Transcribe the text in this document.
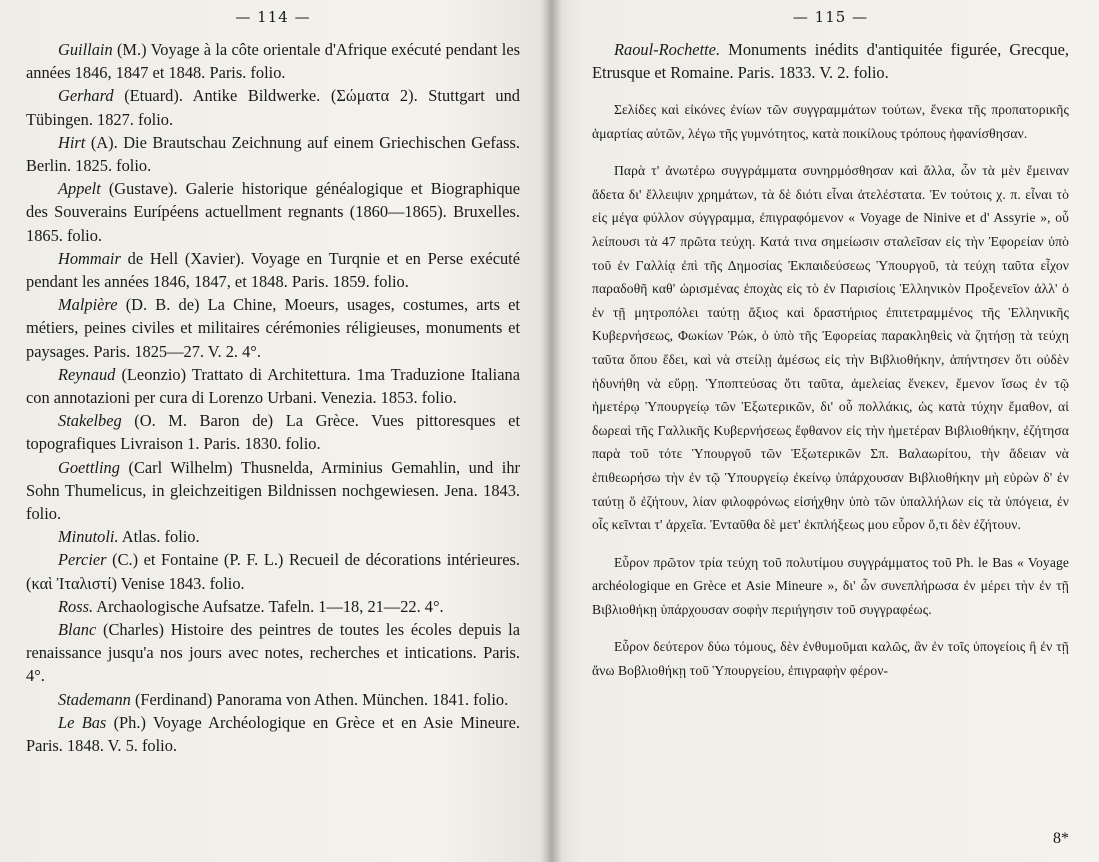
— 114 —

Guillain (M.) Voyage à la côte orientale d'Afrique exécuté pendant les années 1846, 1847 et 1848. Paris. folio.

Gerhard (Etuard). Antike Bildwerke. (Σώματα 2). Stuttgart und Tübingen. 1827. folio.

Hirt (A). Die Brautschau Zeichnung auf einem Griechischen Gefass. Berlin. 1825. folio.

Appelt (Gustave). Galerie historique généalogique et Biographique des Souverains Eurípéens actuellment regnants (1860—1865). Bruxelles. 1865. folio.

Hommair de Hell (Xavier). Voyage en Turqnie et en Perse exécuté pendant les années 1846, 1847, et 1848. Paris. 1859. folio.

Malpière (D. B. de) La Chine, Moeurs, usages, costumes, arts et métiers, peines civiles et militaires cérémonies réligieuses, monuments et paysages. Paris. 1825—27. V. 2. 4°.

Reynaud (Leonzio) Trattato di Architettura. 1ma Traduzione Italiana con annotazioni per cura di Lorenzo Urbani. Venezia. 1853. folio.

Stakelbeg (O. M. Baron de) La Grèce. Vues pittoresques et topografiques Livraison 1. Paris. 1830. folio.

Goettling (Carl Wilhelm) Thusnelda, Arminius Gemahlin, und ihr Sohn Thumelicus, in gleichzeitigen Bildnissen nochgewiesen. Jena. 1843. folio.

Minutoli. Atlas. folio.

Percier (C.) et Fontaine (P. F. L.) Recueil de décorations intérieures. (καὶ Ἰταλιστί) Venise 1843. folio.

Ross. Archaologische Aufsatze. Tafeln. 1—18, 21—22. 4°.

Blanc (Charles) Histoire des peintres de toutes les écoles depuis la renaissance jusqu'a nos jours avec notes, recherches et intications. Paris. 4°.

Stademann (Ferdinand) Panorama von Athen. München. 1841. folio.

Le Bas (Ph.) Voyage Archéologique en Grèce et en Asie Mineure. Paris. 1848. V. 5. folio.

— 115 —

Raoul-Rochette. Monuments inédits d'antiquitée figurée, Grecque, Etrusque et Romaine. Paris. 1833. V. 2. folio.

Σελίδες καὶ εἰκόνες ἐνίων τῶν συγγραμμάτων τούτων, ἕνεκα τῆς προπατορικῆς ἁμαρτίας αὐτῶν, λέγω τῆς γυμνότητος, κατὰ ποικίλους τρόπους ἠφανίσθησαν.

Παρὰ τ' ἀνωτέρω συγγράμματα συνηρμόσθησαν καὶ ἄλλα, ὧν τὰ μὲν ἔμειναν ἄδετα δι' ἔλλειψιν χρημάτων, τὰ δὲ διότι εἶναι ἀτελέστατα. Ἐν τούτοις χ. π. εἶναι τὸ εἰς μέγα φύλλον σύγγραμμα, ἐπιγραφόμενον « Voyage de Ninive et d' Assyrie », οὗ λείπουσι τὰ 47 πρῶτα τεύχη. Κατά τινα σημείωσιν σταλεῖσαν εἰς τὴν Ἐφορείαν ὑπὸ τοῦ ἐν Γαλλίᾳ ἐπὶ τῆς Δημοσίας Ἐκπαιδεύσεως Ὑπουργοῦ, τὰ τεύχη ταῦτα εἶχον παραδοθῆ καθ' ὡρισμένας ἐποχὰς εἰς τὸ ἐν Παρισίοις Ἑλληνικὸν Προξενεῖον ἀλλ' ὁ ἐν τῇ μητροπόλει ταύτῃ ἄξιος καὶ δραστήριος ἐπιτετραμμένος τῆς Ἑλληνικῆς Κυβερνήσεως, Φωκίων Ῥώκ, ὁ ὑπὸ τῆς Ἐφορείας παρακληθεὶς νὰ ζητήσῃ τὰ τεύχη ταῦτα ὅπου ἔδει, καὶ νὰ στείλῃ ἀμέσως εἰς τὴν Βιβλιοθήκην, ἀπήντησεν ὅτι οὐδὲν ἠδυνήθη νὰ εὕρῃ. Ὑποπτεύσας ὅτι ταῦτα, ἀμελείας ἕνεκεν, ἔμενον ἴσως ἐν τῷ ἡμετέρῳ Ὑπουργείῳ τῶν Ἐξωτερικῶν, δι' οὗ πολλάκις, ὡς κατὰ τύχην ἔμαθον, αἱ δωρεαὶ τῆς Γαλλικῆς Κυβερνήσεως ἔφθανον εἰς τὴν ἡμετέραν Βιβλιοθήκην, ἐζήτησα παρὰ τοῦ τότε Ὑπουργοῦ τῶν Ἐξωτερικῶν Σπ. Βαλαωρίτου, τὴν ἄδειαν νὰ ἐπιθεωρήσω τὴν ἐν τῷ Ὑπουργείῳ ἐκείνῳ ὑπάρχουσαν Βιβλιοθήκην μὴ εὑρὼν δ' ἐν ταύτῃ ὅ ἐζήτουν, λίαν φιλοφρόνως εἰσήχθην ὑπὸ τῶν ὑπαλλήλων εἰς τὰ ὑπόγεια, ἐν οἷς κεῖνται τ' ἀρχεῖα. Ἐνταῦθα δὲ μετ' ἐκπλήξεως μου εὗρον ὅ,τι δὲν ἐζήτουν.

Εὗρον πρῶτον τρία τεύχη τοῦ πολυτίμου συγγράμματος τοῦ Ph. le Bas « Voyage archéologique en Grèce et Asie Mineure », δι' ὧν συνεπλήρωσα ἐν μέρει τὴν ἐν τῇ Βιβλιοθήκῃ ὑπάρχουσαν σοφὴν περιήγησιν τοῦ συγγραφέως.

Εὗρον δεύτερον δύω τόμους, δὲν ἐνθυμοῦμαι καλῶς, ἂν ἐν τοῖς ὑπογείοις ἢ ἐν τῇ ἄνω Βοβλιοθήκῃ τοῦ Ὑπουργείου, ἐπιγραφὴν φέρον-

8*
